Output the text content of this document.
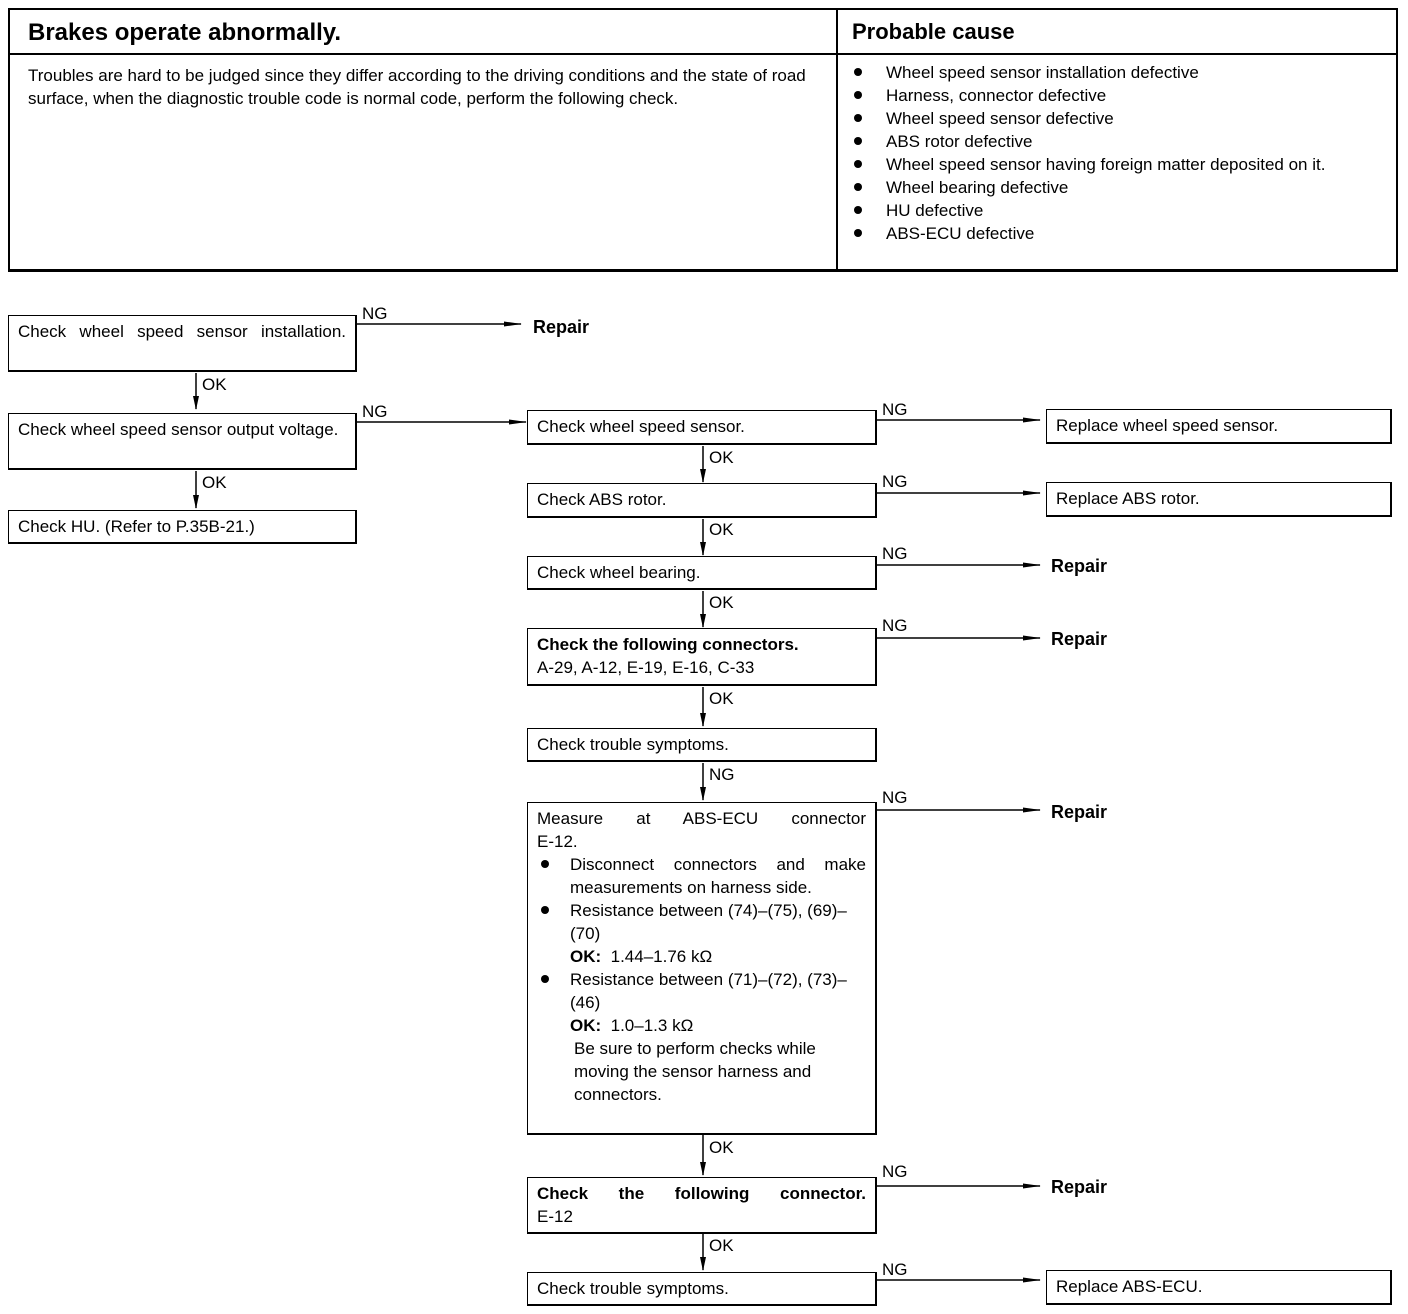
Brakes operate abnormally.	Probable cause
Troubles are hard to be judged since they differ according to the driving conditions and the state of road surface, when the diagnostic trouble code is normal code, perform the following check.
Wheel speed sensor installation defective
Harness, connector defective
Wheel speed sensor defective
ABS rotor defective
Wheel speed sensor having foreign matter deposited on it.
Wheel bearing defective
HU defective
ABS-ECU defective
Check wheel speed sensor installation.
Check wheel speed sensor output voltage.
Check HU. (Refer to P.35B-21.)
NG
OK
NG
OK
Repair
Check wheel speed sensor.
Check ABS rotor.
Check wheel bearing.
Check the following connectors.
A-29, A-12, E-19, E-16, C-33
Check trouble symptoms.
Measure at ABS-ECU connector
E-12.
Disconnect connectors and make measurements on harness side.
Resistance between (74)–(75), (69)–(70)
OK: 1.44–1.76 kΩ
Resistance between (71)–(72), (73)–(46)
OK: 1.0–1.3 kΩ
Be sure to perform checks while moving the sensor harness and connectors.
Check the following connector.
E-12
Check trouble symptoms.
OK
OK
OK
OK
NG
OK
OK
NG
NG
NG
NG
NG
NG
NG
Replace wheel speed sensor.
Replace ABS rotor.
Repair
Repair
Repair
Repair
Replace ABS-ECU.
